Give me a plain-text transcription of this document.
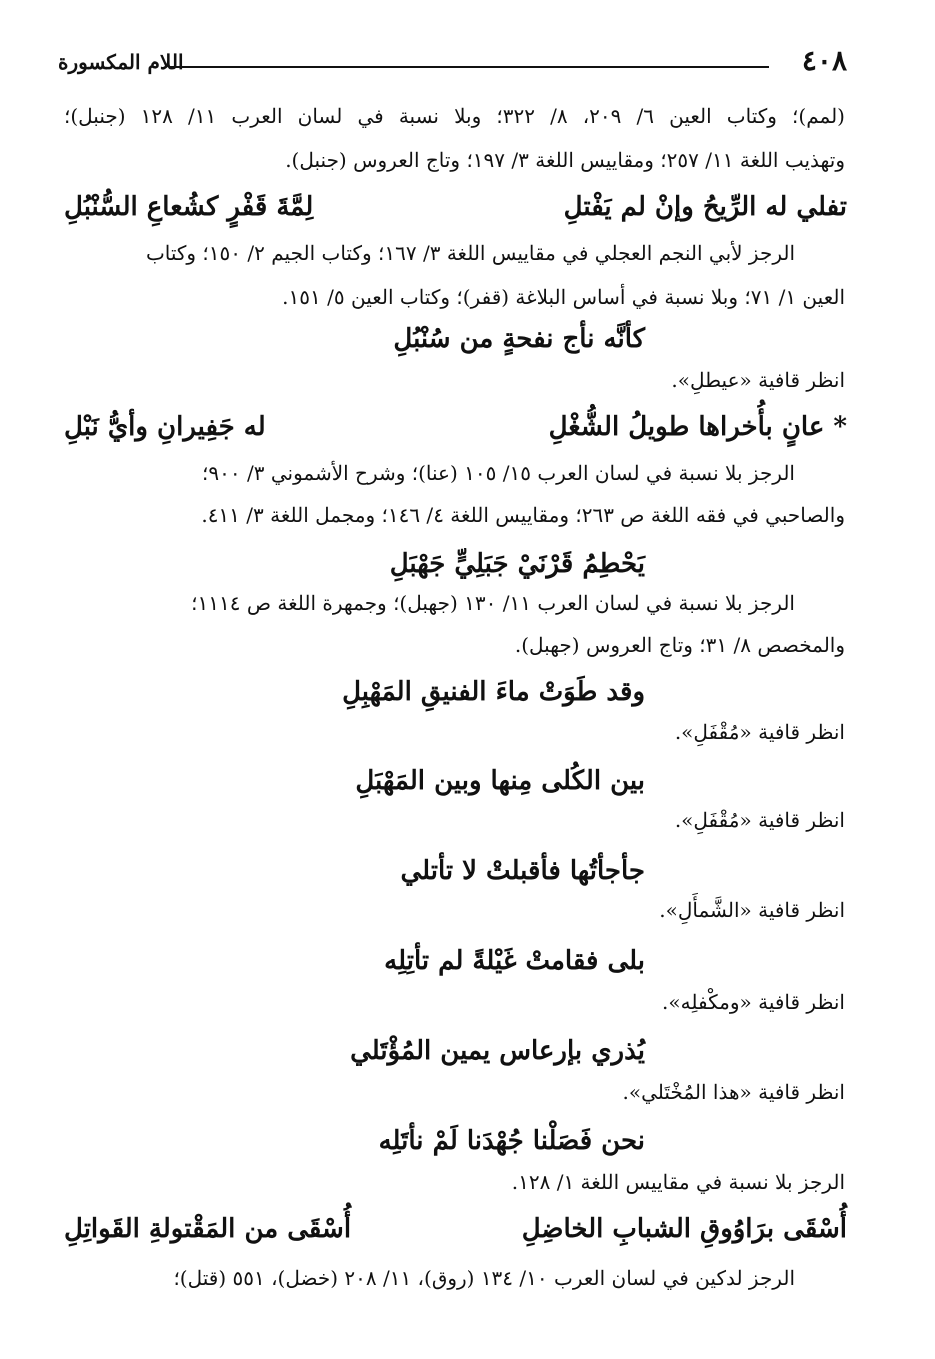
٤٠٨
اللام المكسورة
(لمم)؛ وكتاب العين ٦/ ٢٠٩، ٨/ ٣٢٢؛ وبلا نسبة في لسان العرب ١١/ ١٢٨ (جنبل)؛
وتهذيب اللغة ١١/ ٢٥٧؛ ومقاييس اللغة ٣/ ١٩٧؛ وتاج العروس (جنبل).
تفلي له الرِّيحُ وإنْ لم يَفْتلِ
لِمَّةَ قَفْرٍ كشُعاعِ السُّنْبُلِ
الرجز لأبي النجم العجلي في مقاييس اللغة ٣/ ١٦٧؛ وكتاب الجيم ٢/ ١٥٠؛ وكتاب
العين ١/ ٧١؛ وبلا نسبة في أساس البلاغة (قفر)؛ وكتاب العين ٥/ ١٥١.
كأنَّه نأج نفحةٍ من سُنْبُلِ
انظر قافية «عيطلِ».
* عانٍ بأُخراها طويلُ الشُّغْلِ
له جَفِيرانِ وأيُّ نَبْلِ
الرجز بلا نسبة في لسان العرب ١٥/ ١٠٥ (عنا)؛ وشرح الأشموني ٣/ ٩٠٠؛
والصاحبي في فقه اللغة ص ٢٦٣؛ ومقاييس اللغة ٤/ ١٤٦؛ ومجمل اللغة ٣/ ٤١١.
يَحْطِمُ قَرْنَيْ جَبَلِيٍّ جَهْبَلِ
الرجز بلا نسبة في لسان العرب ١١/ ١٣٠ (جهبل)؛ وجمهرة اللغة ص ١١١٤؛
والمخصص ٨/ ٣١؛ وتاج العروس (جهبل).
وقد طَوَتْ ماءَ الفنيقِ المَهْبِلِ
انظر قافية «مُقْفَلِ».
بين الكُلى مِنها وبين المَهْبَلِ
انظر قافية «مُقْفَلِ».
جأجأتُها فأقبلتْ لا تأتلي
انظر قافية «الشَّمأَلِ».
بلى فقامتْ غَيْلةً لم تأتِلِه
انظر قافية «ومكْفلِه».
يُذري بإرعاس يمين المُؤْتَلي
انظر قافية «هذا المُخْتَلي».
نحن فَصَلْنا جُهْدَنا لَمْ نأتَلِه
الرجز بلا نسبة في مقاييس اللغة ١/ ١٢٨.
أُسْقَى برَاوُوقِ الشبابِ الخاضِلِ
أُسْقَى من المَقْتولةِ القَواتِلِ
الرجز لدكين في لسان العرب ١٠/ ١٣٤ (روق)، ١١/ ٢٠٨ (خضل)، ٥٥١ (قتل)؛
